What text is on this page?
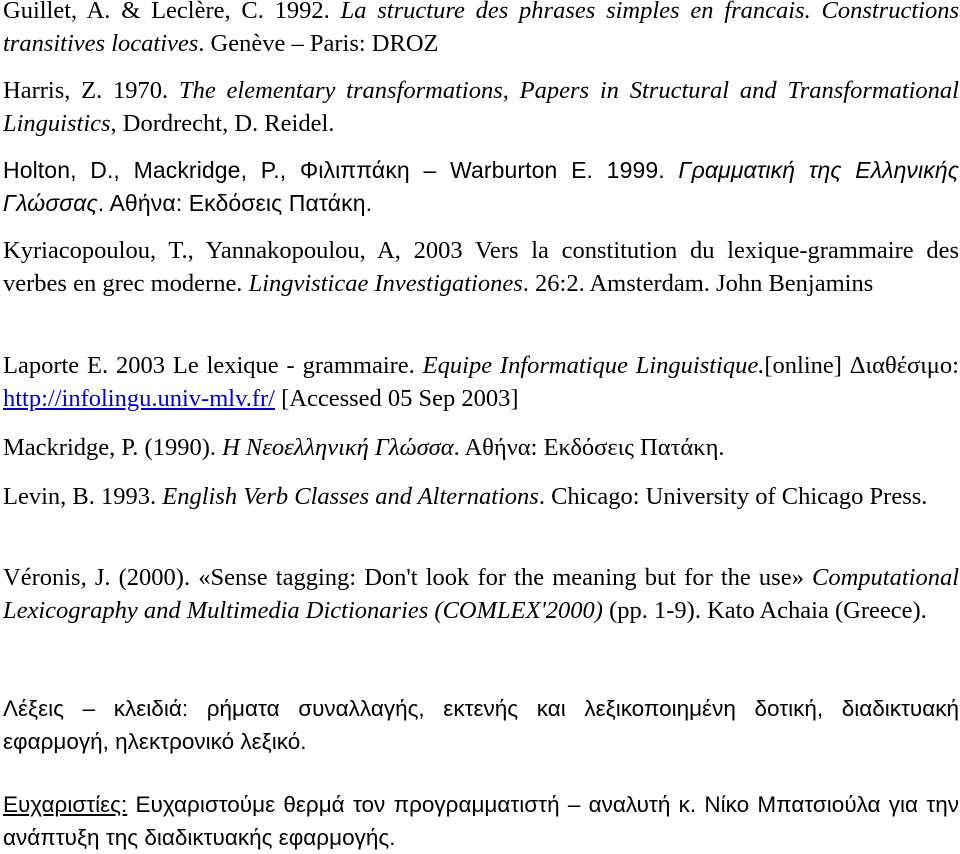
Guillet, A. & Leclère, C. 1992. La structure des phrases simples en francais. Constructions transitives locatives. Genève – Paris: DROZ

Harris, Z. 1970. The elementary transformations, Papers in Structural and Transformational Linguistics, Dordrecht, D. Reidel.

Holton, D., Mackridge, P., Φιλιππάκη – Warburton E. 1999. Γραμματική της Ελληνικής Γλώσσας. Αθήνα: Εκδόσεις Πατάκη.

Kyriacopoulou, T., Yannakopoulou, A, 2003 Vers la constitution du lexique-grammaire des verbes en grec moderne. Lingvisticae Investigationes. 26:2. Amsterdam. John Benjamins

Laporte E. 2003 Le lexique - grammaire. Equipe Informatique Linguistique.[online] Διαθέσιμο: http://infolingu.univ-mlv.fr/ [Accessed 05 Sep 2003]

Mackridge, P. (1990). Η Νεοελληνική Γλώσσα. Αθήνα: Εκδόσεις Πατάκη.

Levin, B. 1993. English Verb Classes and Alternations. Chicago: University of Chicago Press.

Véronis, J. (2000). «Sense tagging: Don't look for the meaning but for the use» Computational Lexicography and Multimedia Dictionaries (COMLEX'2000) (pp. 1-9). Kato Achaia (Greece).

Λέξεις – κλειδιά: ρήματα συναλλαγής, εκτενής και λεξικοποιημένη δοτική, διαδικτυακή εφαρμογή, ηλεκτρονικό λεξικό.

Ευχαριστίες: Ευχαριστούμε θερμά τον προγραμματιστή – αναλυτή κ. Νίκο Μπατσιούλα για την ανάπτυξη της διαδικτυακής εφαρμογής.
